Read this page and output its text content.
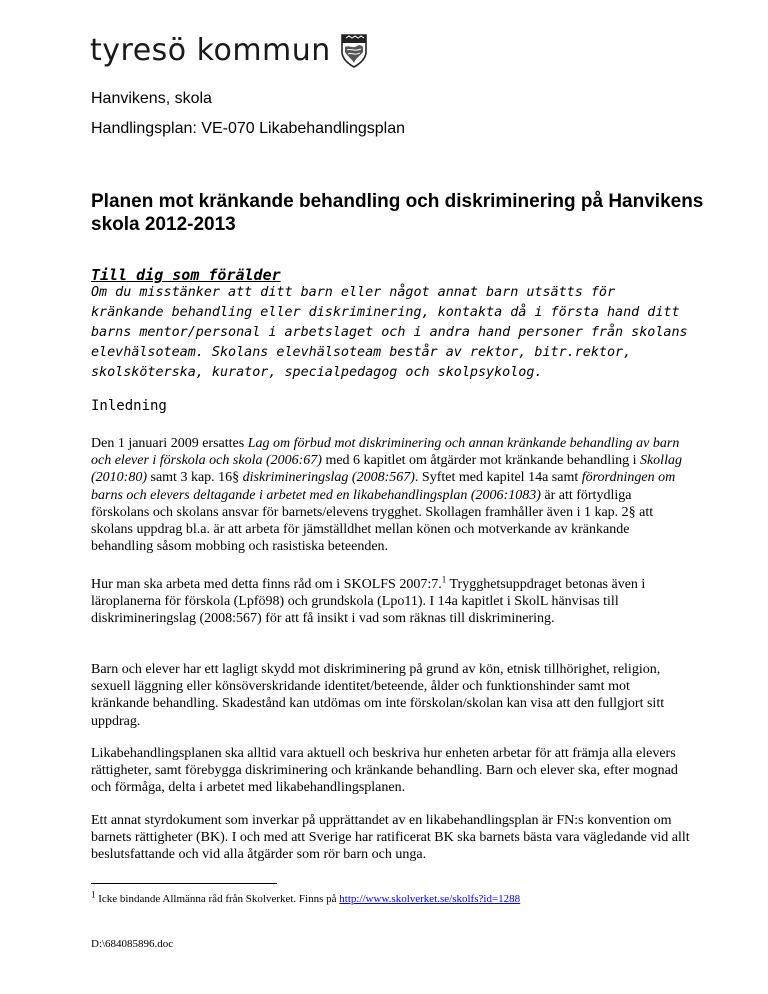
tyresö kommun
Hanvikens, skola
Handlingsplan: VE-070 Likabehandlingsplan
Planen mot kränkande behandling och diskriminering på Hanvikens skola 2012-2013
Till dig som förälder
Om du misstänker att ditt barn eller något annat barn utsätts för kränkande behandling eller diskriminering, kontakta då i första hand ditt barns mentor/personal i arbetslaget och i andra hand personer från skolans elevhälsoteam. Skolans elevhälsoteam består av rektor, bitr.rektor, skolsköterska, kurator, specialpedagog och skolpsykolog.
Inledning

Den 1 januari 2009 ersattes Lag om förbud mot diskriminering och annan kränkande behandling av barn och elever i förskola och skola (2006:67) med 6 kapitlet om åtgärder mot kränkande behandling i Skollag (2010:80) samt 3 kap. 16§ diskrimineringslag (2008:567). Syftet med kapitel 14a samt förordningen om barns och elevers deltagande i arbetet med en likabehandlingsplan (2006:1083) är att förtydliga förskolans och skolans ansvar för barnets/elevens trygghet. Skollagen framhåller även i 1 kap. 2§ att skolans uppdrag bl.a. är att arbeta för jämställdhet mellan könen och motverkande av kränkande behandling såsom mobbing och rasistiska beteenden.

Hur man ska arbeta med detta finns råd om i SKOLFS 2007:7.$^1$ Trygghetsuppdraget betonas även i läroplanerna för förskola (Lpfö98) och grundskola (Lpo11). I 14a kapitlet i SkolL hänvisas till diskrimineringslag (2008:567) för att få insikt i vad som räknas till diskriminering.

Barn och elever har ett lagligt skydd mot diskriminering på grund av kön, etnisk tillhörighet, religion, sexuell läggning eller könsöverskridande identitet/beteende, ålder och funktionshinder samt mot kränkande behandling. Skadestånd kan utdömas om inte förskolan/skolan kan visa att den fullgjort sitt uppdrag.

Likabehandlingsplanen ska alltid vara aktuell och beskriva hur enheten arbetar för att främja alla elevers rättigheter, samt förebygga diskriminering och kränkande behandling. Barn och elever ska, efter mognad och förmåga, delta i arbetet med likabehandlingsplanen.

Ett annat styrdokument som inverkar på upprättandet av en likabehandlingsplan är FN:s konvention om barnets rättigheter (BK). I och med att Sverige har ratificerat BK ska barnets bästa vara vägledande vid allt beslutsfattande och vid alla åtgärder som rör barn och unga.

$^1$ Icke bindande Allmänna råd från Skolverket. Finns på http://www.skolverket.se/skolfs?id=1288
D:\684085896.doc
